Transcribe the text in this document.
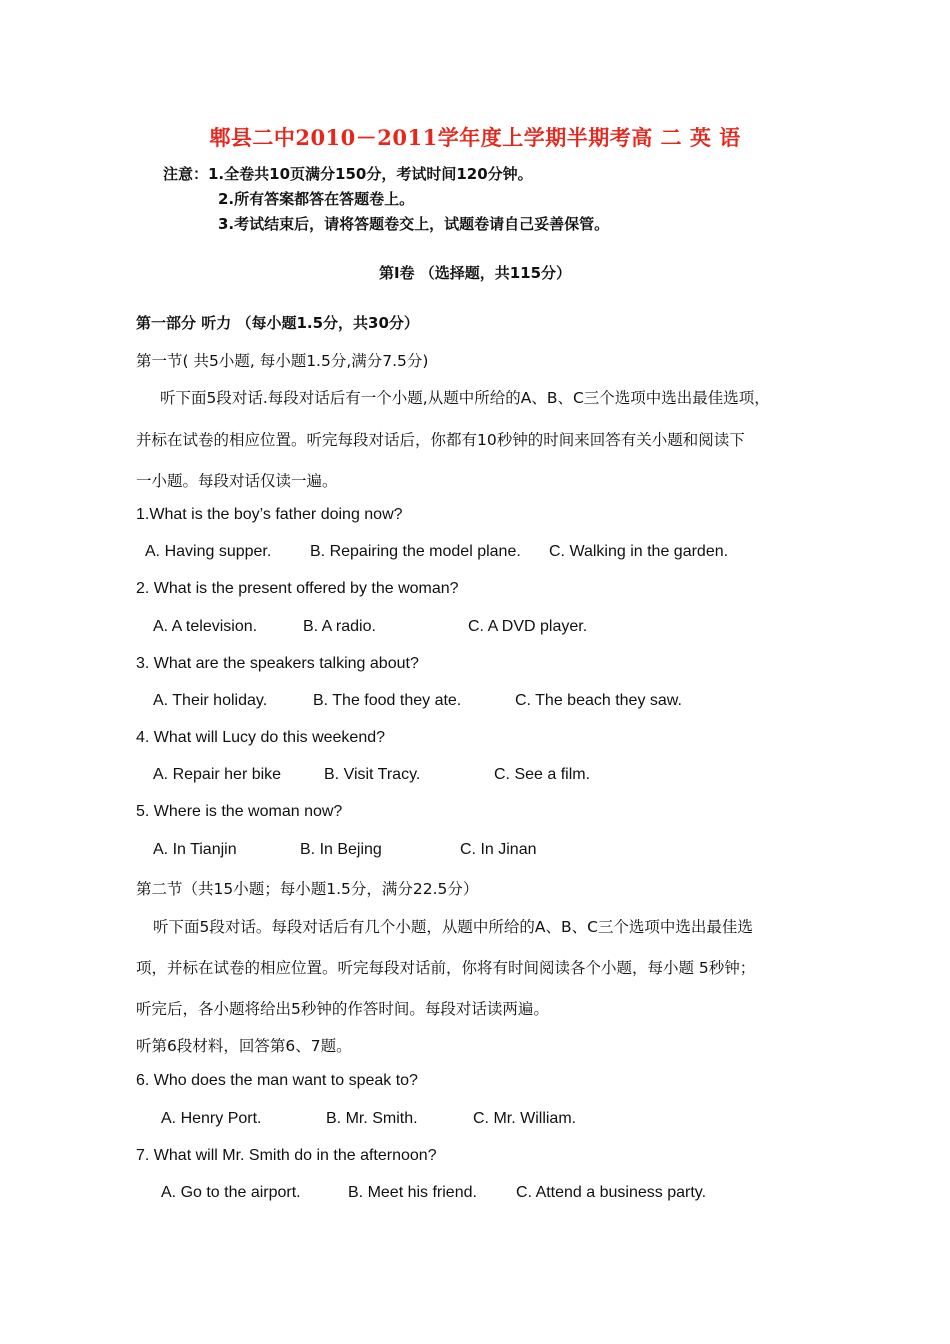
郫县二中2010－2011学年度上学期半期考高 二 英 语
注意：1.全卷共10页满分150分，考试时间120分钟。
2.所有答案都答在答题卷上。
3.考试结束后，请将答题卷交上，试题卷请自己妥善保管。
第Ⅰ卷 （选择题，共115分）
第一部分 听力 （每小题1.5分，共30分）
第一节( 共5小题, 每小题1.5分,满分7.5分)
听下面5段对话.每段对话后有一个小题,从题中所给的A、B、C三个选项中选出最佳选项，
并标在试卷的相应位置。听完每段对话后，你都有10秒钟的时间来回答有关小题和阅读下
一小题。每段对话仅读一遍。
1.What is the boy’s father doing now?
A. Having supper. B. Repairing the model plane. C. Walking in the garden.
2. What is the present offered by the woman?
A. A television.	B. A radio.	C. A DVD player.
3. What are the speakers talking about?
A. Their holiday.	B. The food they ate.	C. The beach they saw.
4. What will Lucy do this weekend?
A. Repair her bike	B. Visit Tracy.	C. See a film.
5. Where is the woman now?
A. In Tianjin	B. In Bejing	C. In Jinan
第二节（共15小题；每小题1.5分，满分22.5分）
听下面5段对话。每段对话后有几个小题，从题中所给的A、B、C三个选项中选出最佳选
项，并标在试卷的相应位置。听完每段对话前，你将有时间阅读各个小题，每小题 5秒钟；
听完后，各小题将给出5秒钟的作答时间。每段对话读两遍。
听第6段材料，回答第6、7题。
6. Who does the man want to speak to?
A. Henry Port.	B. Mr. Smith.	C. Mr. William.
7. What will Mr. Smith do in the afternoon?
A. Go to the airport.	B. Meet his friend. C. Attend a business party.
